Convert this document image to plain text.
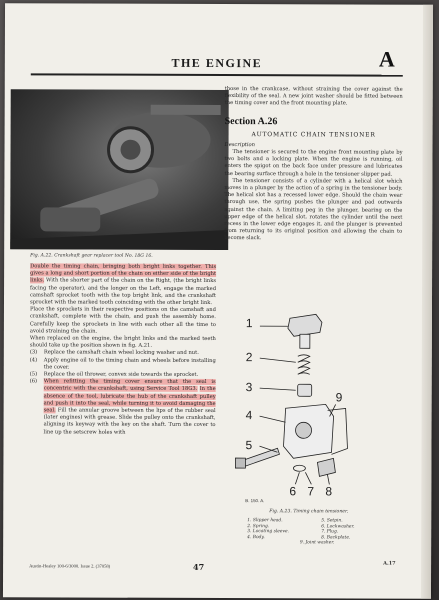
THE ENGINE	A
Fig. A.22. Crankshaft gear replacer tool No. 18G 16.

Double the timing chain, bringing both bright links together. This gives a long and short portion of the chain on either side of the bright links. With the shorter part of the chain on the Right, (the bright links facing the operator), and the longer on the Left, engage the marked camshaft sprocket tooth with the top bright link, and the crankshaft sprocket with the marked tooth coinciding with the other bright link.

Place the sprockets in their respective positions on the camshaft and crankshaft, complete with the chain, and push the assembly home. Carefully keep the sprockets in line with each other all the time to avoid straining the chain.

When replaced on the engine, the bright links and the marked teeth should take up the position shown in fig. A.21.

(3)	Replace the camshaft chain wheel locking washer and nut.
(4)	Apply engine oil to the timing chain and wheels before installing the cover.
(5)	Replace the oil thrower, convex side towards the sprocket.
(6)	When refitting the timing cover ensure that the seal is concentric with the crankshaft, using Service Tool 18G3. In the absence of the tool, lubricate the hub of the crankshaft pulley and push it into the seal, while turning it to avoid damaging the seal. Fill the annular groove between the lips of the rubber seal (later engines) with grease. Slide the pulley onto the crankshaft, aligning its keyway with the key on the shaft. Turn the cover to line up the setscrew holes with

those in the crankcase, without straining the cover against the flexibility of the seal. A new joint washer should be fitted between the timing cover and the front mounting plate.

Section A.26
AUTOMATIC CHAIN TENSIONER
Description

The tensioner is secured to the engine front mounting plate by two bolts and a locking plate. When the engine is running, oil enters the spigot on the back face under pressure and lubricates the bearing surface through a hole in the tensioner slipper pad.

The tensioner consists of a cylinder with a helical slot which moves in a plunger by the action of a spring in the tensioner body. The helical slot has a recessed lower edge. Should the chain wear through use, the spring pushes the plunger and pad outwards against the chain. A limiting peg in the plunger, bearing on the upper edge of the helical slot, rotates the cylinder until the next recess in the lower edge engages it, and the plunger is prevented from returning to its original position and allowing the chain to become slack.

1
2
3
4
5
6 7 8
9
B. 150. A.
Fig. A.23. Timing chain tensioner.
1. Slipper head.	5. Setpin.
2. Spring.	6. Lockwasher.
3. Locating sleeve.	7. Plug.
4. Body.	8. Backplate.
9. Joint washer.
Austin-Healey 100-6/3000. Issue 2. (37058)	47	A.17
